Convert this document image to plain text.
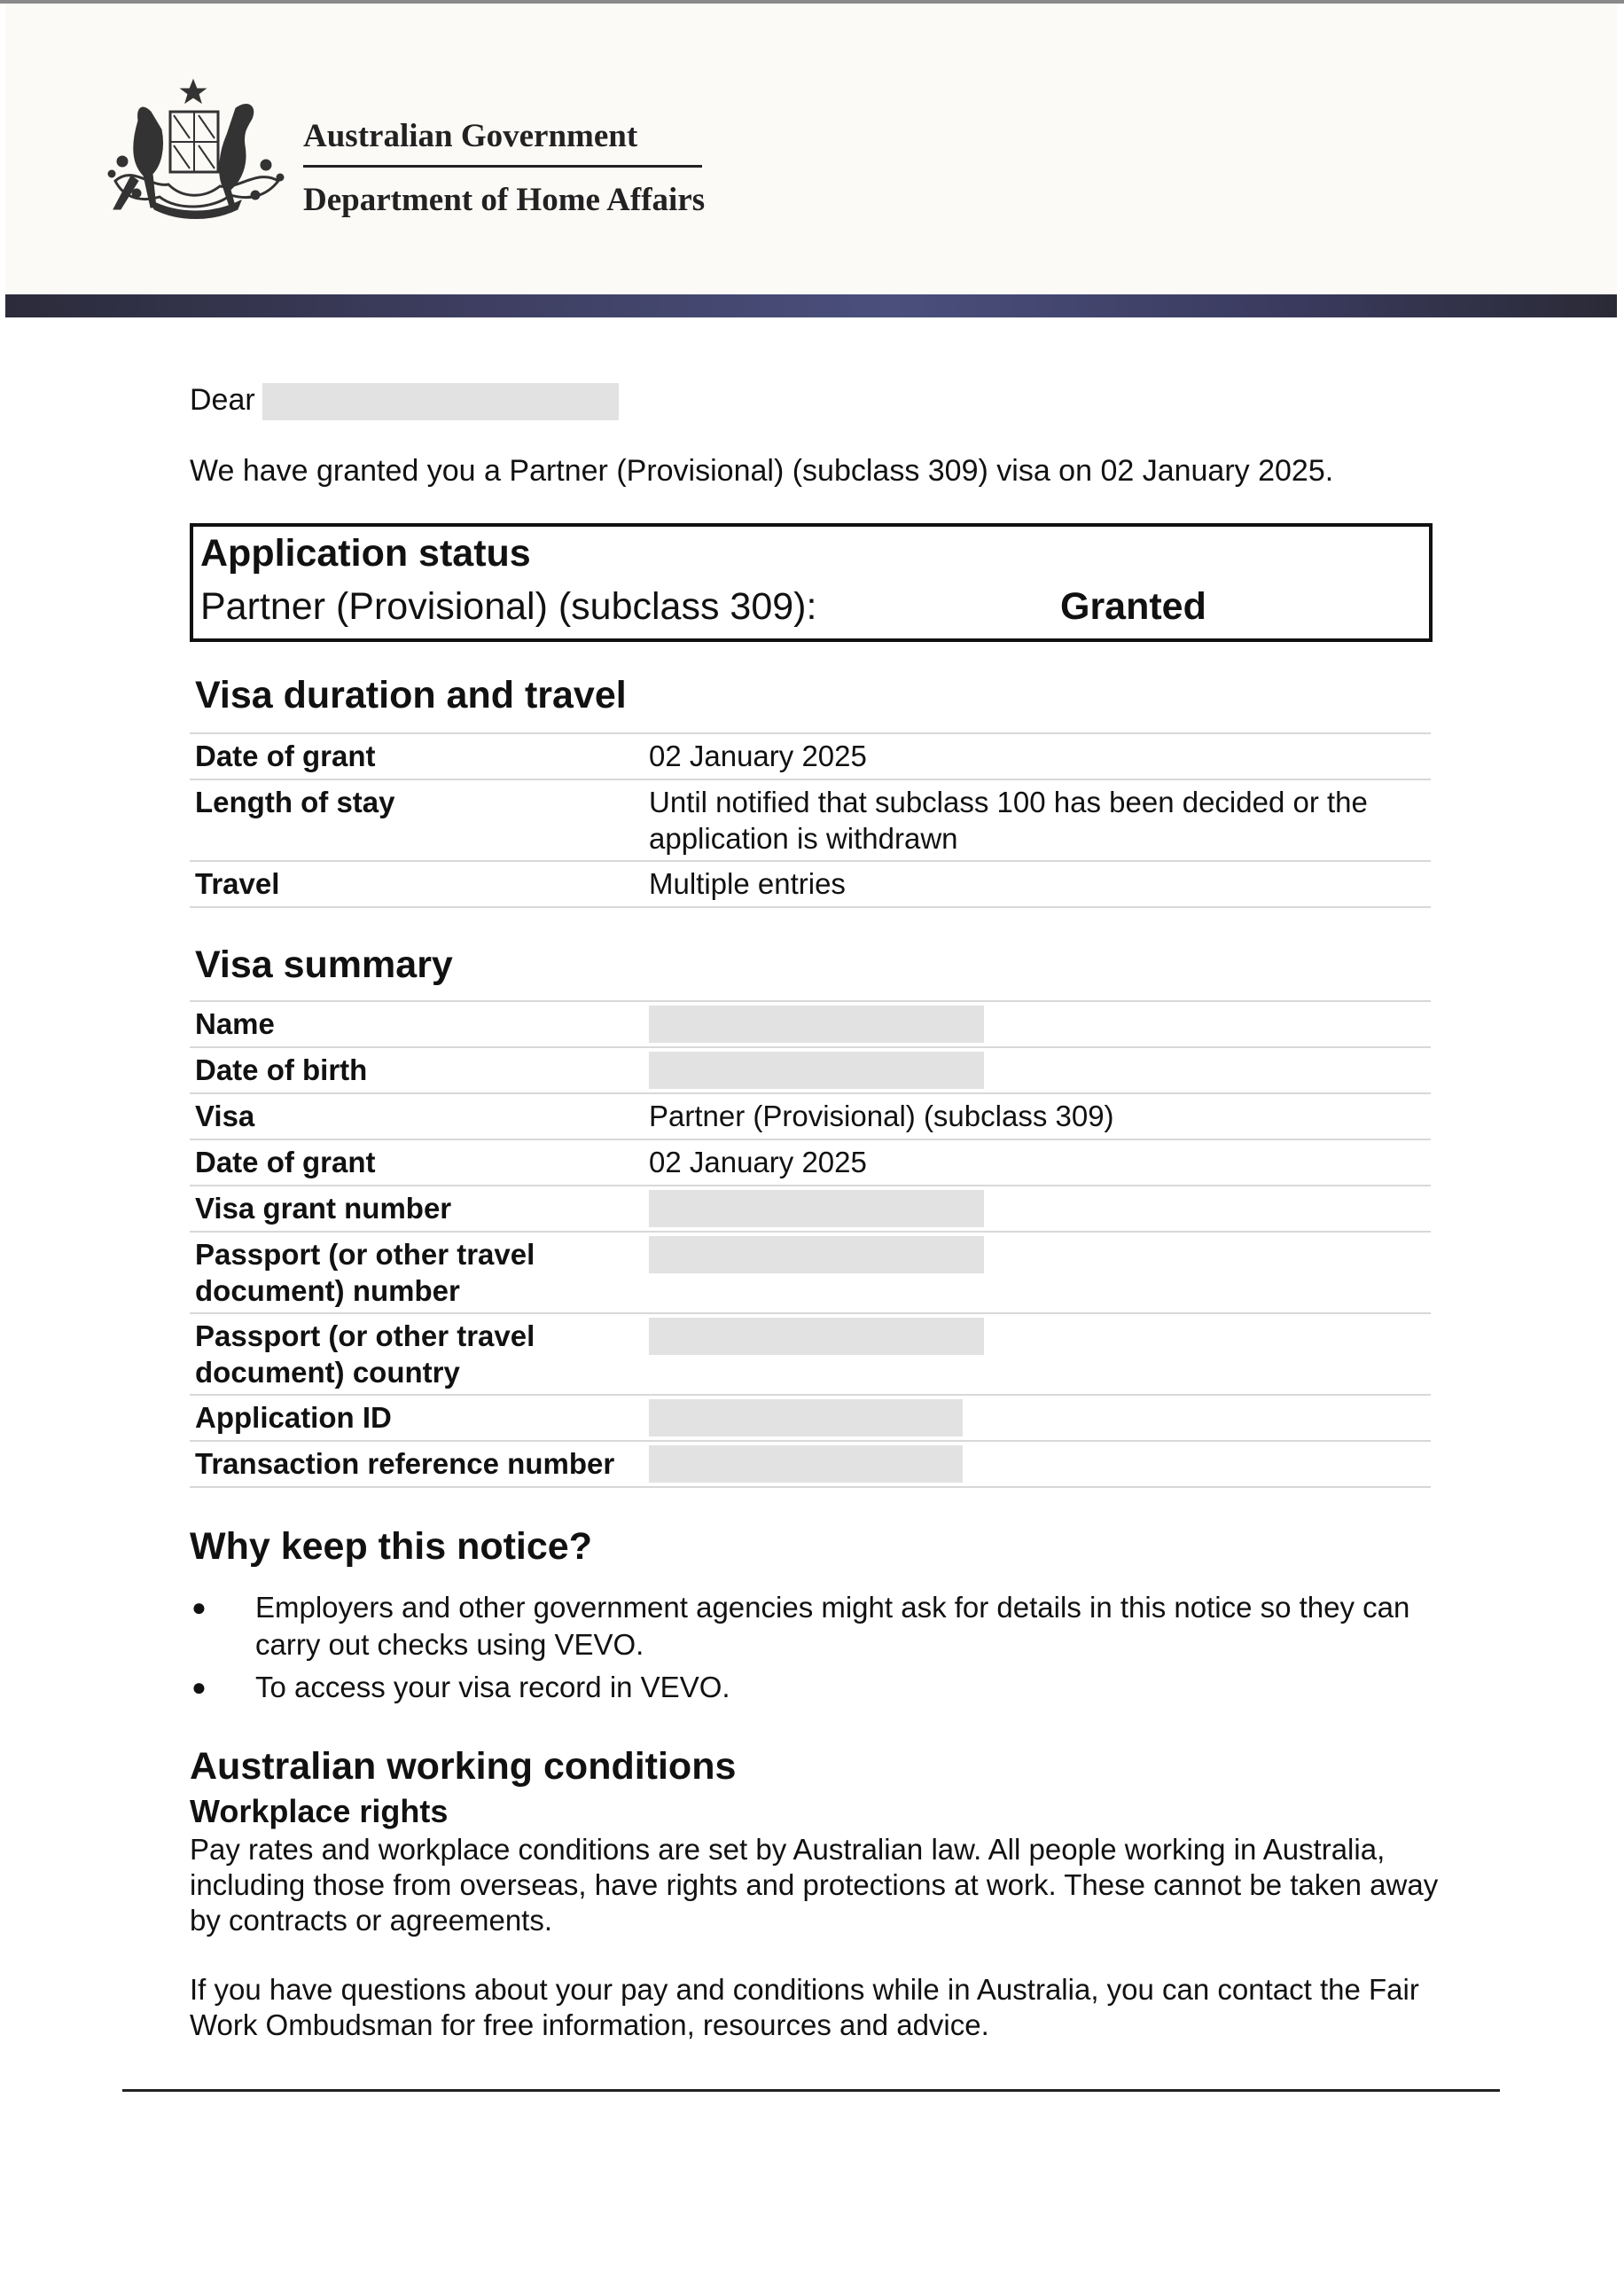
Australian Government
Department of Home Affairs
Dear
We have granted you a Partner (Provisional) (subclass 309) visa on 02 January 2025.
Application status
Partner (Provisional) (subclass 309):	Granted
Visa duration and travel
Date of grant	02 January 2025
Length of stay	Until notified that subclass 100 has been decided or the application is withdrawn
Travel	Multiple entries
Visa summary
Name
Date of birth
Visa	Partner (Provisional) (subclass 309)
Date of grant	02 January 2025
Visa grant number
Passport (or other travel document) number
Passport (or other travel document) country
Application ID
Transaction reference number
Why keep this notice?
●	Employers and other government agencies might ask for details in this notice so they can carry out checks using VEVO.
●	To access your visa record in VEVO.
Australian working conditions
Workplace rights
Pay rates and workplace conditions are set by Australian law. All people working in Australia, including those from overseas, have rights and protections at work. These cannot be taken away by contracts or agreements.
If you have questions about your pay and conditions while in Australia, you can contact the Fair Work Ombudsman for free information, resources and advice.
